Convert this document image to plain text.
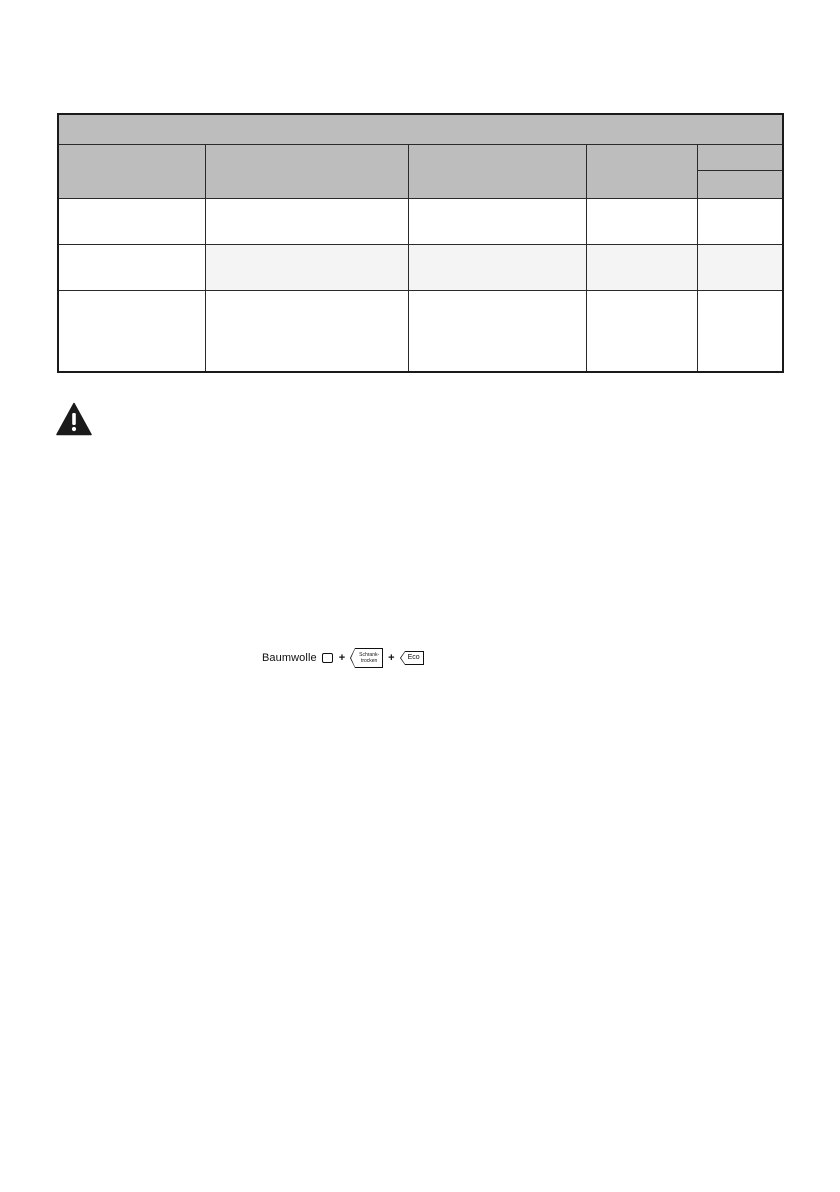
Baumwolle +	Schrank-
trocken + Eco
